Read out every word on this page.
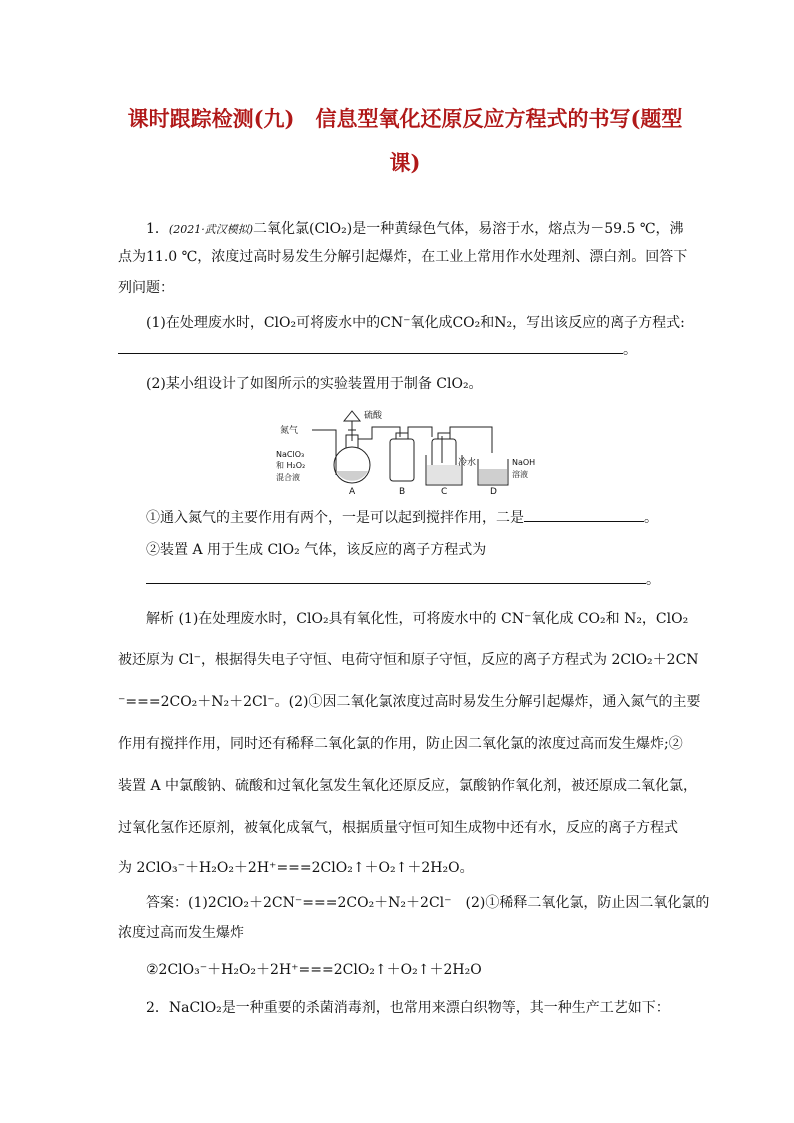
课时跟踪检测(九)　信息型氧化还原反应方程式的书写(题型
课)
1．(2021·武汉模拟)二氧化氯(ClO₂)是一种黄绿色气体，易溶于水，熔点为－59.5 ℃，沸
点为11.0 ℃，浓度过高时易发生分解引起爆炸，在工业上常用作水处理剂、漂白剂。回答下
列问题：
(1)在处理废水时，ClO₂可将废水中的CN⁻氧化成CO₂和N₂，写出该反应的离子方程式:
。
(2)某小组设计了如图所示的实验装置用于制备 ClO₂。
氮气
硫酸
NaClO₃
和 H₂O₂
混合液
冷水	NaOH
溶液
A	B	C	D
①通入氮气的主要作用有两个，一是可以起到搅拌作用，二是	。
②装置 A 用于生成 ClO₂ 气体，该反应的离子方程式为
。
解析 (1)在处理废水时，ClO₂具有氧化性，可将废水中的 CN⁻氧化成 CO₂和 N₂，ClO₂
被还原为 Cl⁻，根据得失电子守恒、电荷守恒和原子守恒，反应的离子方程式为 2ClO₂＋2CN
⁻===2CO₂＋N₂＋2Cl⁻。(2)①因二氧化氯浓度过高时易发生分解引起爆炸，通入氮气的主要
作用有搅拌作用，同时还有稀释二氧化氯的作用，防止因二氧化氯的浓度过高而发生爆炸;②
装置 A 中氯酸钠、硫酸和过氧化氢发生氧化还原反应，氯酸钠作氧化剂，被还原成二氧化氯，
过氧化氢作还原剂，被氧化成氧气，根据质量守恒可知生成物中还有水，反应的离子方程式
为 2ClO₃⁻＋H₂O₂＋2H⁺===2ClO₂↑＋O₂↑＋2H₂O。
答案：(1)2ClO₂＋2CN⁻===2CO₂＋N₂＋2Cl⁻　(2)①稀释二氧化氯，防止因二氧化氯的
浓度过高而发生爆炸
②2ClO₃⁻＋H₂O₂＋2H⁺===2ClO₂↑＋O₂↑＋2H₂O
2．NaClO₂是一种重要的杀菌消毒剂，也常用来漂白织物等，其一种生产工艺如下：
